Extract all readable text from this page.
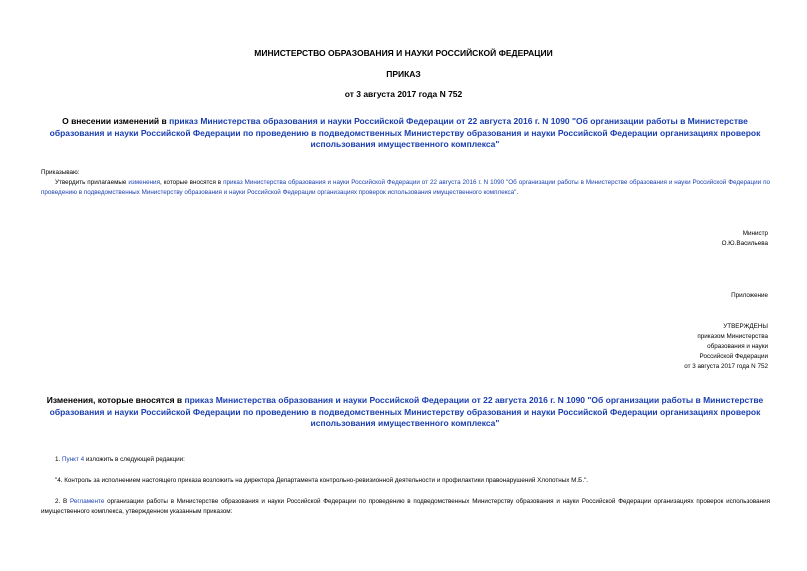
МИНИСТЕРСТВО ОБРАЗОВАНИЯ И НАУКИ РОССИЙСКОЙ ФЕДЕРАЦИИ
ПРИКАЗ
от 3 августа 2017 года N 752
О внесении изменений в приказ Министерства образования и науки Российской Федерации от 22 августа 2016 г. N 1090 "Об организации работы в Министерстве образования и науки Российской Федерации по проведению в подведомственных Министерству образования и науки Российской Федерации организациях проверок использования имущественного комплекса"
Приказываю:
Утвердить прилагаемые изменения, которые вносятся в приказ Министерства образования и науки Российской Федерации от 22 августа 2016 г. N 1090 "Об организации работы в Министерстве образования и науки Российской Федерации по проведению в подведомственных Министерству образования и науки Российской Федерации организациях проверок использования имущественного комплекса".
Министр
О.Ю.Васильева
Приложение
УТВЕРЖДЕНЫ
приказом Министерства
образования и науки
Российской Федерации
от 3 августа 2017 года N 752
Изменения, которые вносятся в приказ Министерства образования и науки Российской Федерации от 22 августа 2016 г. N 1090 "Об организации работы в Министерстве образования и науки Российской Федерации по проведению в подведомственных Министерству образования и науки Российской Федерации организациях проверок использования имущественного комплекса"
1. Пункт 4 изложить в следующей редакции:
"4. Контроль за исполнением настоящего приказа возложить на директора Департамента контрольно-ревизионной деятельности и профилактики правонарушений Хлопотных М.Б.".
2. В Регламенте организации работы в Министерстве образования и науки Российской Федерации по проведению в подведомственных Министерству образования и науки Российской Федерации организациях проверок использования имущественного комплекса, утвержденном указанным приказом:
